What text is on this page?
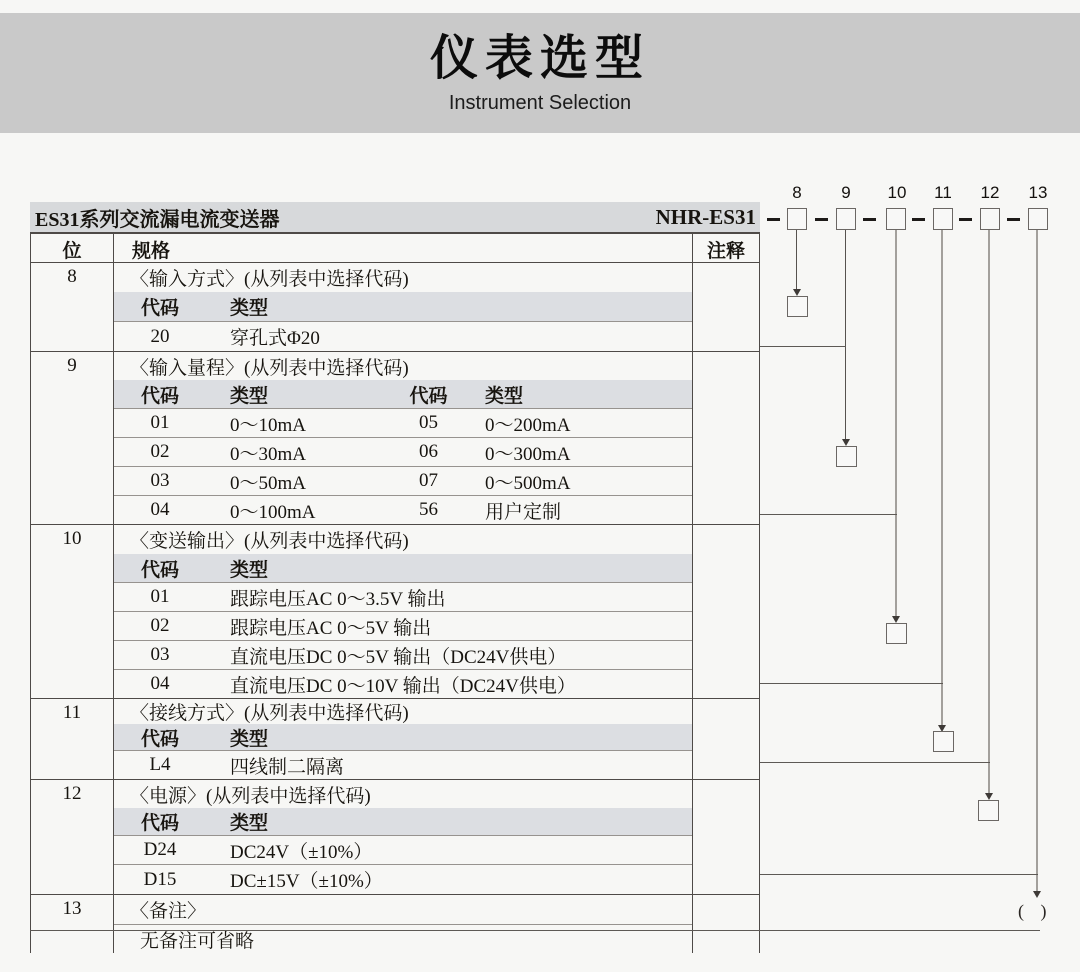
仪表选型
Instrument Selection
ES31系列交流漏电流变送器	NHR-ES31
位	规格	注释
8	〈输入方式〉(从列表中选择代码)
代码	类型
20	穿孔式Φ20
9	〈输入量程〉(从列表中选择代码)
代码	类型	代码	类型
01	0～10mA	05	0～200mA
02	0～30mA	06	0～300mA
03	0～50mA	07	0～500mA
04	0～100mA	56	用户定制
10	〈变送输出〉(从列表中选择代码)
代码	类型
01	跟踪电压AC 0～3.5V 输出
02	跟踪电压AC 0～5V 输出
03	直流电压DC 0～5V 输出（DC24V供电）
04	直流电压DC 0～10V 输出（DC24V供电）
11	〈接线方式〉(从列表中选择代码)
代码	类型
L4	四线制二隔离
12	〈电源〉(从列表中选择代码)
代码	类型
D24	DC24V（±10%）
D15	DC±15V（±10%）
13	〈备注〉
无备注可省略
8	9	10 11 12 13
( )
